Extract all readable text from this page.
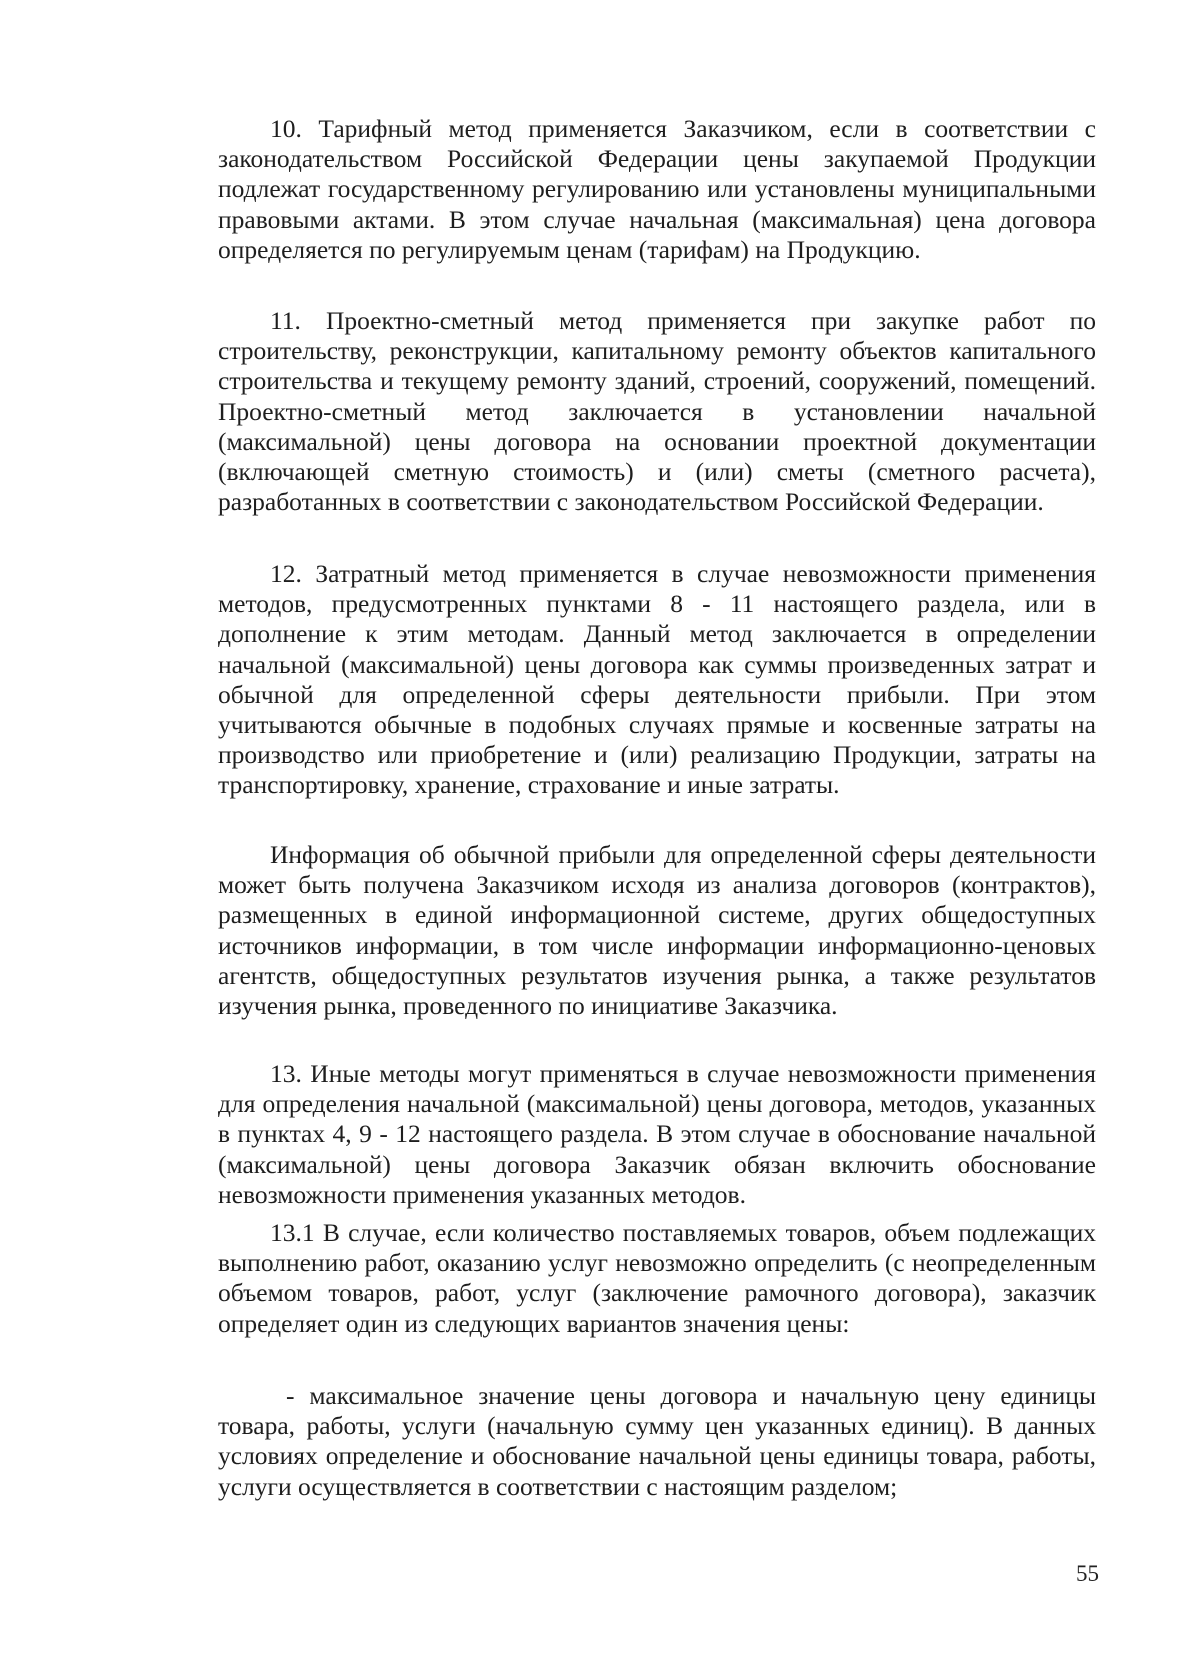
10. Тарифный метод применяется Заказчиком, если в соответствии с законодательством Российской Федерации цены закупаемой Продукции подлежат государственному регулированию или установлены муниципальными правовыми актами. В этом случае начальная (максимальная) цена договора определяется по регулируемым ценам (тарифам) на Продукцию.

11. Проектно-сметный метод применяется при закупке работ по строительству, реконструкции, капитальному ремонту объектов капитального строительства и текущему ремонту зданий, строений, сооружений, помещений. Проектно-сметный метод заключается в установлении начальной (максимальной) цены договора на основании проектной документации (включающей сметную стоимость) и (или) сметы (сметного расчета), разработанных в соответствии с законодательством Российской Федерации.

12. Затратный метод применяется в случае невозможности применения методов, предусмотренных пунктами 8 - 11 настоящего раздела, или в дополнение к этим методам. Данный метод заключается в определении начальной (максимальной) цены договора как суммы произведенных затрат и обычной для определенной сферы деятельности прибыли. При этом учитываются обычные в подобных случаях прямые и косвенные затраты на производство или приобретение и (или) реализацию Продукции, затраты на транспортировку, хранение, страхование и иные затраты.

Информация об обычной прибыли для определенной сферы деятельности может быть получена Заказчиком исходя из анализа договоров (контрактов), размещенных в единой информационной системе, других общедоступных источников информации, в том числе информации информационно-ценовых агентств, общедоступных результатов изучения рынка, а также результатов изучения рынка, проведенного по инициативе Заказчика.

13. Иные методы могут применяться в случае невозможности применения для определения начальной (максимальной) цены договора, методов, указанных в пунктах 4, 9 - 12 настоящего раздела. В этом случае в обоснование начальной (максимальной) цены договора Заказчик обязан включить обоснование невозможности применения указанных методов.

13.1 В случае, если количество поставляемых товаров, объем подлежащих выполнению работ, оказанию услуг невозможно определить (с неопределенным объемом товаров, работ, услуг (заключение рамочного договора), заказчик определяет один из следующих вариантов значения цены:

- максимальное значение цены договора и начальную цену единицы товара, работы, услуги (начальную сумму цен указанных единиц). В данных условиях определение и обоснование начальной цены единицы товара, работы, услуги осуществляется в соответствии с настоящим разделом;

55
